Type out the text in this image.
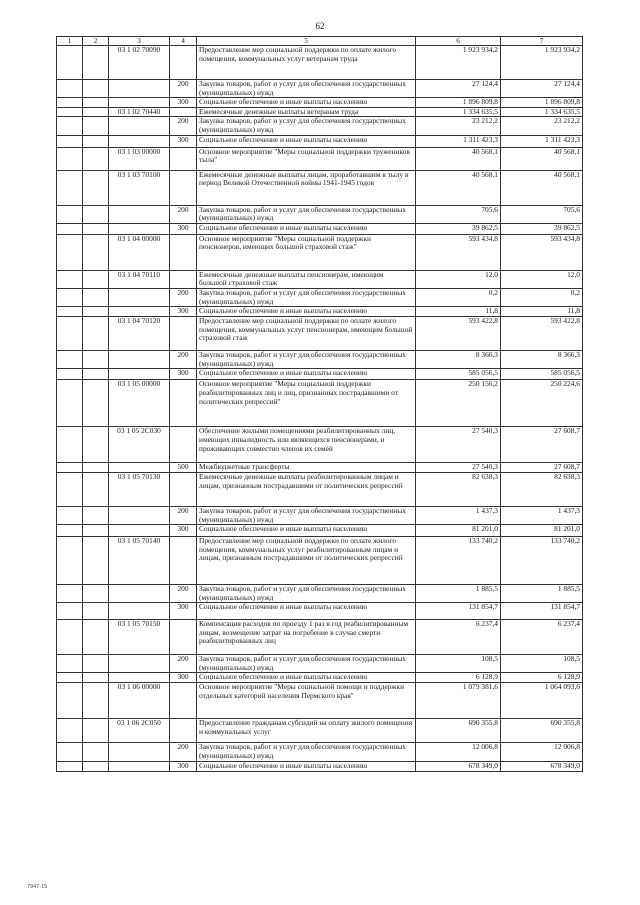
62
1	2	3	4	5	6	7
		03 1 02 70090		Предоставление мер социальной поддержки по оплате жилого помещения, коммунальных услуг ветеранам труда	1 923 934,2	1 923 934,2
			200	Закупка товаров, работ и услуг для обеспечения государственных (муниципальных) нужд	27 124,4	27 124,4
			300	Социальное обеспечение и иные выплаты населению	1 896 809,8	1 896 809,8
		03 1 02 70440		Ежемесячные денежные выплаты ветеранам труда	1 334 635,5	1 334 635,5
			200	Закупка товаров, работ и услуг для обеспечения государственных (муниципальных) нужд	23 212,2	23 212,2
			300	Социальное обеспечение и иные выплаты населению	1 311 423,3	1 311 423,3
		03 1 03 00000		Основное мероприятие "Меры социальной поддержки тружеников тыла"	40 568,1	40 568,1
		03 1 03 70100		Ежемесячные денежные выплаты лицам, проработавшим в тылу в период Великой Отечественной войны 1941-1945 годов	40 568,1	40 568,1
			200	Закупка товаров, работ и услуг для обеспечения государственных (муниципальных) нужд	705,6	705,6
			300	Социальное обеспечение и иные выплаты населению	39 862,5	39 862,5
		03 1 04 00000		Основное мероприятие "Меры социальной поддержки пенсионеров, имеющих большой страховой стаж"	593 434,8	593 434,8
		03 1 04 70110		Ежемесячные денежные выплаты пенсионерам, имеющим большой страховой стаж	12,0	12,0
			200	Закупка товаров, работ и услуг для обеспечения государственных (муниципальных) нужд	0,2	0,2
			300	Социальное обеспечение и иные выплаты населению	11,8	11,8
		03 1 04 70120		Предоставление мер социальной поддержки по оплате жилого помещения, коммунальных услуг пенсионерам, имеющим большой страховой стаж	593 422,8	593 422,8
			200	Закупка товаров, работ и услуг для обеспечения государственных (муниципальных) нужд	8 366,3	8 366,3
			300	Социальное обеспечение и иные выплаты населению	585 056,5	585 056,5
		03 1 05 00000		Основное мероприятие "Меры социальной поддержки реабилитированных лиц и лиц, признанных пострадавшими от политических репрессий"	250 156,2	250 224,6
		03 1 05 2С030		Обеспечение жилыми помещениями реабилитированных лиц, имеющих инвалидность или являющихся пенсионерами, и проживающих совместно членов их семей	27 540,3	27 608,7
			500	Межбюджетные трансферты	27 540,3	27 608,7
		03 1 05 70130		Ежемесячные денежные выплаты реабилитированным лицам и лицам, признанным пострадавшими от политических репрессий	82 638,3	82 638,3
			200	Закупка товаров, работ и услуг для обеспечения государственных (муниципальных) нужд	1 437,3	1 437,3
			300	Социальное обеспечение и иные выплаты населению	81 201,0	81 201,0
		03 1 05 70140		Предоставление мер социальной поддержки по оплате жилого помещения, коммунальных услуг реабилитированным лицам и лицам, признанным пострадавшими от политических репрессий	133 740,2	133 740,2
			200	Закупка товаров, работ и услуг для обеспечения государственных (муниципальных) нужд	1 885,5	1 885,5
			300	Социальное обеспечение и иные выплаты населению	131 854,7	131 854,7
		03 1 05 70150		Компенсация расходов по проезду 1 раз в год реабилитированным лицам, возмещение затрат на погребение в случае смерти реабилитированных лиц	6 237,4	6 237,4
			200	Закупка товаров, работ и услуг для обеспечения государственных (муниципальных) нужд	108,5	108,5
			300	Социальное обеспечение и иные выплаты населению	6 128,9	6 128,9
		03 1 06 00000		Основное мероприятие "Меры социальной помощи и поддержки отдельных категорий населения Пермского края"	1 079 381,6	1 064 093,6
		03 1 06 2С050		Предоставление гражданам субсидий на оплату жилого помещения и коммунальных услуг	690 355,8	690 355,8
			200	Закупка товаров, работ и услуг для обеспечения государственных (муниципальных) нужд	12 006,8	12 006,8
			300	Социальное обеспечение и иные выплаты населению	678 349,0	678 349,0
7947-15
